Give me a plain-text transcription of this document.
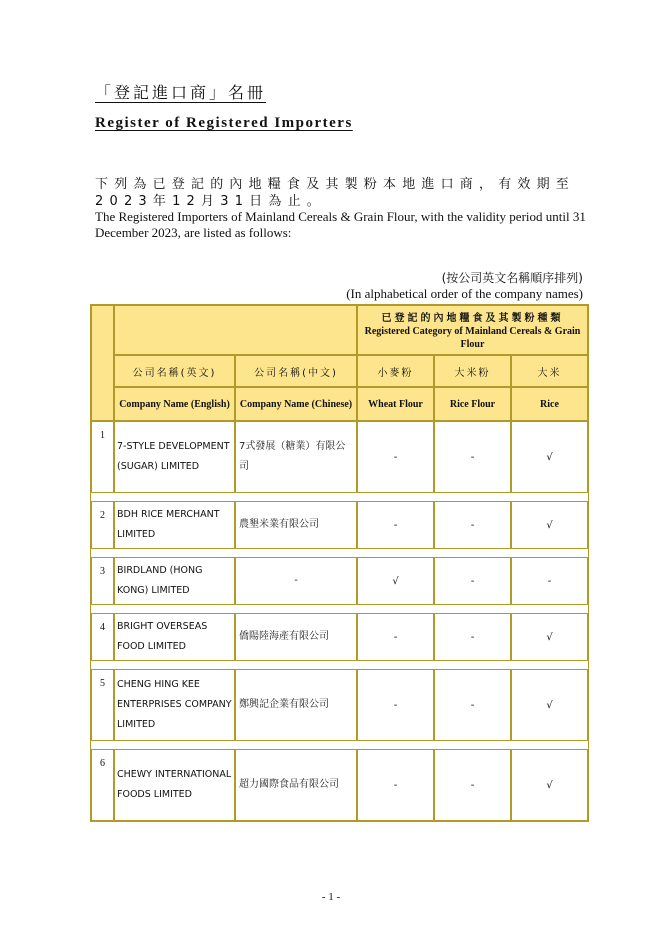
「登記進口商」名冊
Register of Registered Importers
下列為已登記的內地糧食及其製粉本地進口商，有效期至2023年12月31日為止。
The Registered Importers of Mainland Cereals & Grain Flour, with the validity period until 31 December 2023, are listed as follows:
(按公司英文名稱順序排列)
(In alphabetical order of the company names)

			已登記的內地糧食及其製粉種類
Registered Category of Mainland Cereals & Grain Flour		

	公司名稱(英文)	公司名稱(中文)	小麥粉	大米粉	大米
	Company Name (English)	Company Name (Chinese)	Wheat Flour	Rice Flour	Rice
1	7-STYLE DEVELOPMENT (SUGAR) LIMITED	7式發展（糖業）有限公司	-	-	√

2	BDH RICE MERCHANT LIMITED	農墾米業有限公司	-	-	√

3	BIRDLAND (HONG KONG) LIMITED	-	√	-	-

4	BRIGHT OVERSEAS FOOD LIMITED	僑陽陸海產有限公司	-	-	√

5	CHENG HING KEE ENTERPRISES COMPANY LIMITED	鄭興記企業有限公司	-	-	√

6	CHEWY INTERNATIONAL FOODS LIMITED	超力國際食品有限公司	-	-	√
- 1 -
